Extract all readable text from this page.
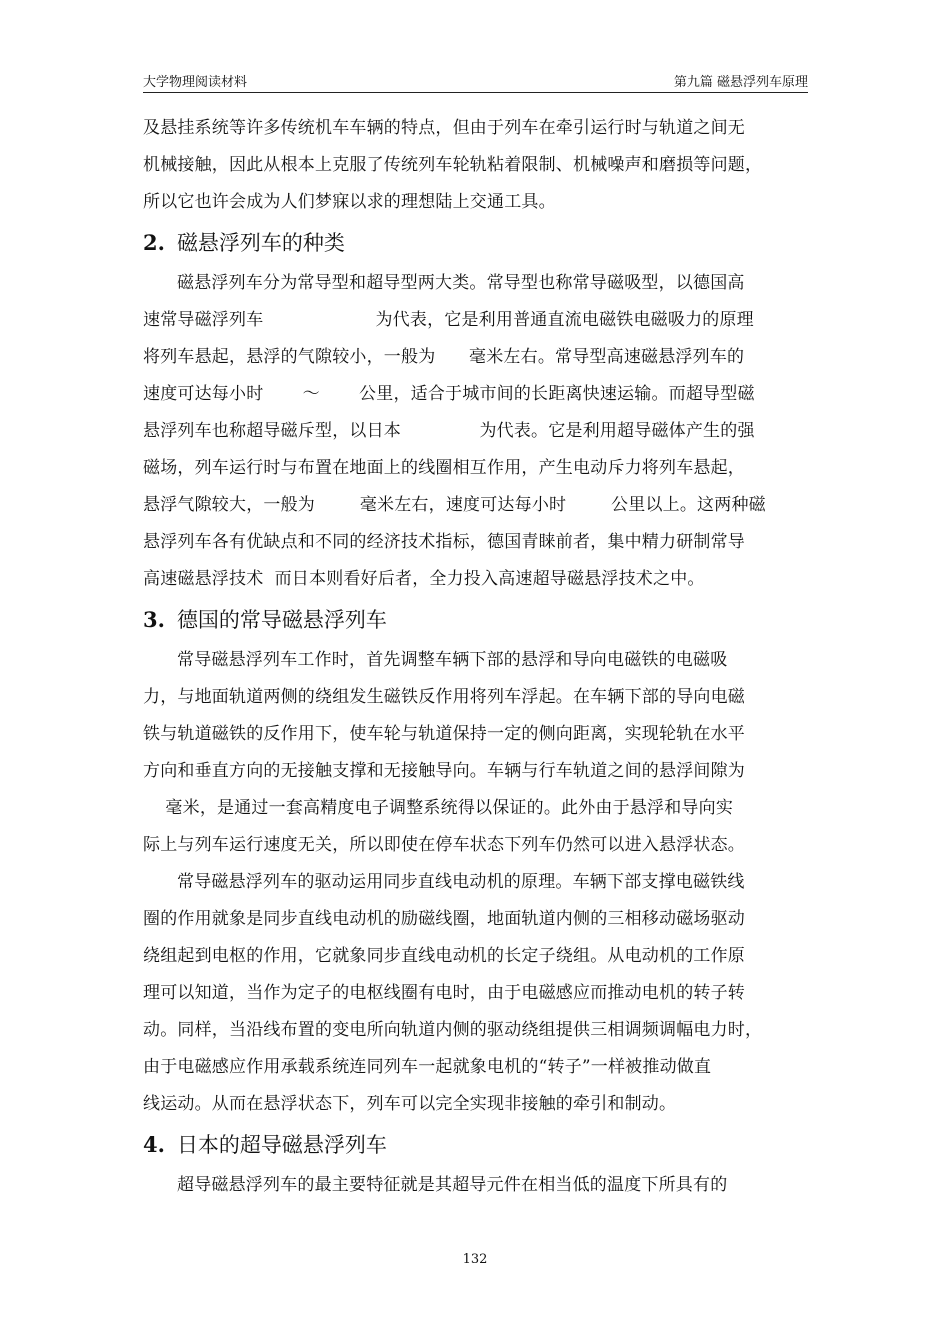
大学物理阅读材料	第九篇 磁悬浮列车原理
及悬挂系统等许多传统机车车辆的特点，但由于列车在牵引运行时与轨道之间无
机械接触，因此从根本上克服了传统列车轮轨粘着限制、机械噪声和磨损等问题，
所以它也许会成为人们梦寐以求的理想陆上交通工具。
2. 磁悬浮列车的种类
磁悬浮列车分为常导型和超导型两大类。常导型也称常导磁吸型，以德国高
速常导磁浮列车                    为代表，它是利用普通直流电磁铁电磁吸力的原理
将列车悬起，悬浮的气隙较小，一般为      毫米左右。常导型高速磁悬浮列车的
速度可达每小时       ～       公里，适合于城市间的长距离快速运输。而超导型磁
悬浮列车也称超导磁斥型，以日本              为代表。它是利用超导磁体产生的强
磁场，列车运行时与布置在地面上的线圈相互作用，产生电动斥力将列车悬起，
悬浮气隙较大，一般为        毫米左右，速度可达每小时        公里以上。这两种磁
悬浮列车各有优缺点和不同的经济技术指标，德国青睐前者，集中精力研制常导
高速磁悬浮技术  而日本则看好后者，全力投入高速超导磁悬浮技术之中。
3. 德国的常导磁悬浮列车
常导磁悬浮列车工作时，首先调整车辆下部的悬浮和导向电磁铁的电磁吸
力，与地面轨道两侧的绕组发生磁铁反作用将列车浮起。在车辆下部的导向电磁
铁与轨道磁铁的反作用下，使车轮与轨道保持一定的侧向距离，实现轮轨在水平
方向和垂直方向的无接触支撑和无接触导向。车辆与行车轨道之间的悬浮间隙为
毫米，是通过一套高精度电子调整系统得以保证的。此外由于悬浮和导向实
际上与列车运行速度无关，所以即使在停车状态下列车仍然可以进入悬浮状态。
常导磁悬浮列车的驱动运用同步直线电动机的原理。车辆下部支撑电磁铁线
圈的作用就象是同步直线电动机的励磁线圈，地面轨道内侧的三相移动磁场驱动
绕组起到电枢的作用，它就象同步直线电动机的长定子绕组。从电动机的工作原
理可以知道，当作为定子的电枢线圈有电时，由于电磁感应而推动电机的转子转
动。同样，当沿线布置的变电所向轨道内侧的驱动绕组提供三相调频调幅电力时，
由于电磁感应作用承载系统连同列车一起就象电机的“转子”一样被推动做直
线运动。从而在悬浮状态下，列车可以完全实现非接触的牵引和制动。
4. 日本的超导磁悬浮列车
超导磁悬浮列车的最主要特征就是其超导元件在相当低的温度下所具有的
132
